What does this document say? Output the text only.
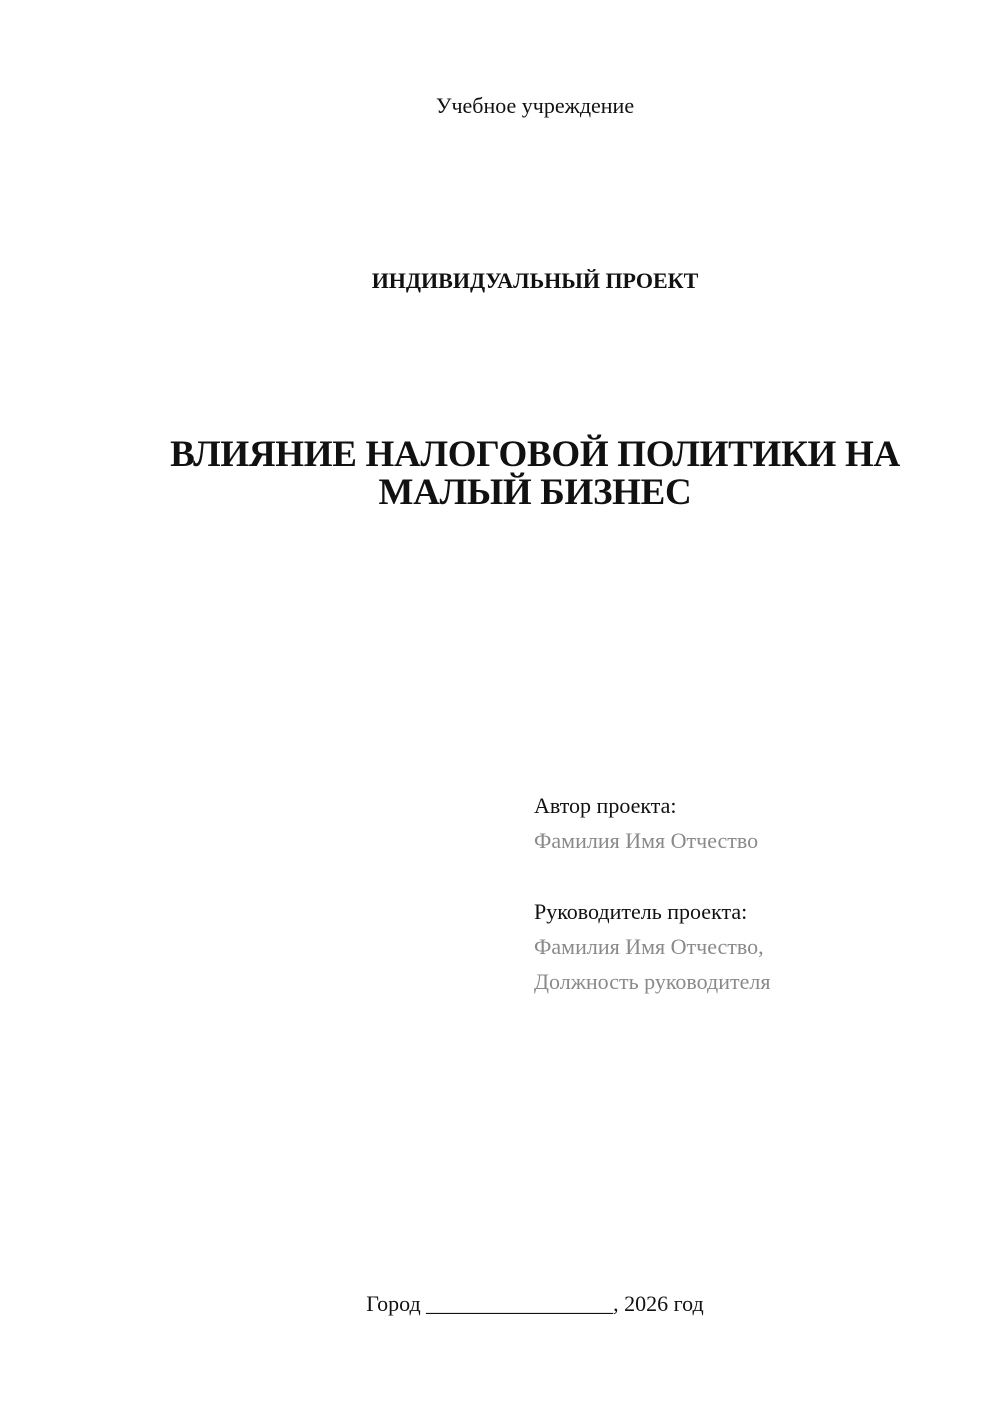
Учебное учреждение
ИНДИВИДУАЛЬНЫЙ ПРОЕКТ
ВЛИЯНИЕ НАЛОГОВОЙ ПОЛИТИКИ НА
МАЛЫЙ БИЗНЕС
Автор проекта:
Фамилия Имя Отчество
Руководитель проекта:
Фамилия Имя Отчество,
Должность руководителя
Город _________________, 2026 год
